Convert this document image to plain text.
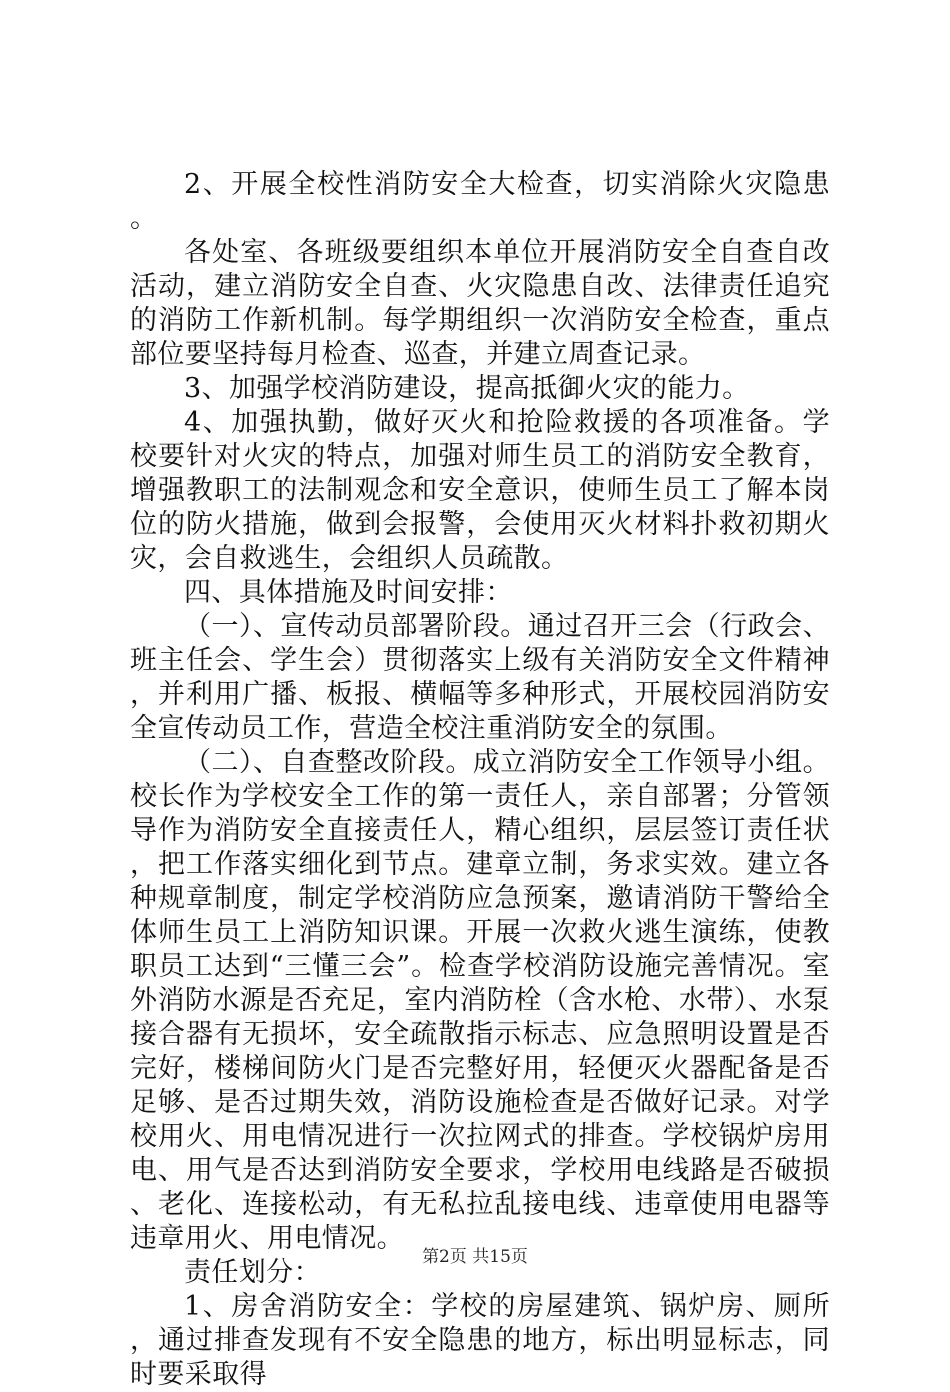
2、开展全校性消防安全大检查，切实消除火灾隐患。

各处室、各班级要组织本单位开展消防安全自查自改活动，建立消防安全自查、火灾隐患自改、法律责任追究的消防工作新机制。每学期组织一次消防安全检查，重点部位要坚持每月检查、巡查，并建立周查记录。

3、加强学校消防建设，提高抵御火灾的能力。

4、加强执勤，做好灭火和抢险救援的各项准备。学校要针对火灾的特点，加强对师生员工的消防安全教育，增强教职工的法制观念和安全意识，使师生员工了解本岗位的防火措施，做到会报警，会使用灭火材料扑救初期火灾，会自救逃生，会组织人员疏散。

四、具体措施及时间安排：

（一）、宣传动员部署阶段。通过召开三会（行政会、班主任会、学生会）贯彻落实上级有关消防安全文件精神，并利用广播、板报、横幅等多种形式，开展校园消防安全宣传动员工作，营造全校注重消防安全的氛围。

（二）、自查整改阶段。成立消防安全工作领导小组。校长作为学校安全工作的第一责任人，亲自部署；分管领导作为消防安全直接责任人，精心组织，层层签订责任状，把工作落实细化到节点。建章立制，务求实效。建立各种规章制度，制定学校消防应急预案，邀请消防干警给全体师生员工上消防知识课。开展一次救火逃生演练，使教职员工达到“三懂三会”。检查学校消防设施完善情况。室外消防水源是否充足，室内消防栓（含水枪、水带）、水泵接合器有无损坏，安全疏散指示标志、应急照明设置是否完好，楼梯间防火门是否完整好用，轻便灭火器配备是否足够、是否过期失效，消防设施检查是否做好记录。对学校用火、用电情况进行一次拉网式的排查。学校锅炉房用电、用气是否达到消防安全要求，学校用电线路是否破损、老化、连接松动，有无私拉乱接电线、违章使用电器等违章用火、用电情况。

责任划分：

1、房舍消防安全：学校的房屋建筑、锅炉房、厕所，通过排查发现有不安全隐患的地方，标出明显标志，同时要采取得

第2页 共15页
